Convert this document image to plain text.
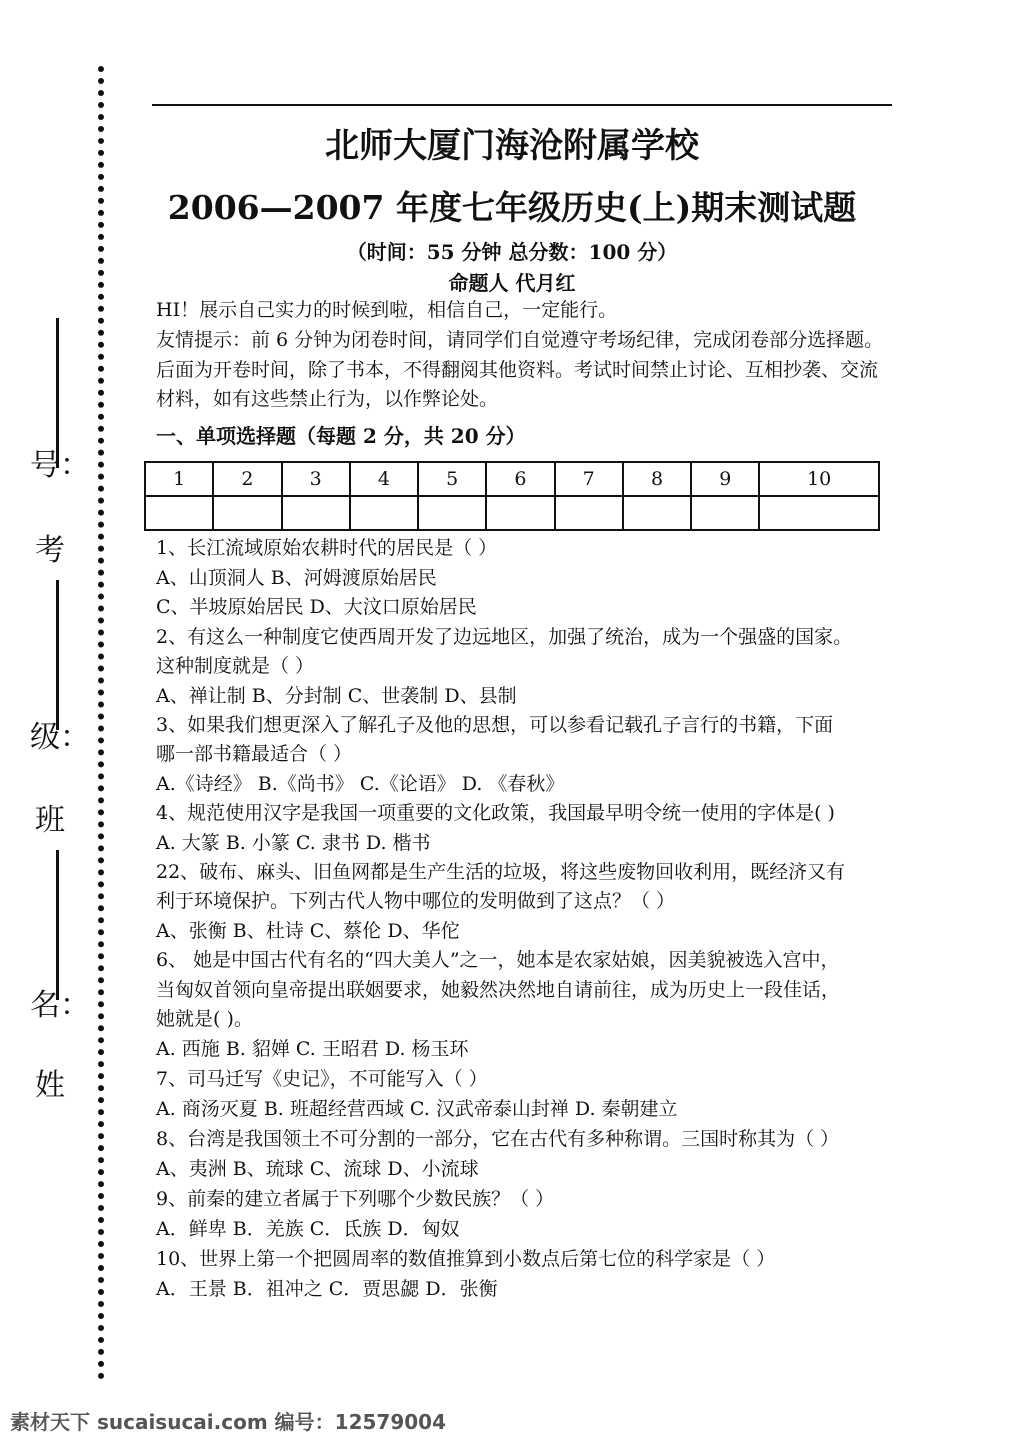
号：
考
级：
班
名：
姓
北师大厦门海沧附属学校
2006—2007 年度七年级历史(上)期末测试题
（时间：55 分钟 总分数：100 分）
命题人 代月红
HI！展示自己实力的时候到啦，相信自己，一定能行。
友情提示：前 6 分钟为闭卷时间，请同学们自觉遵守考场纪律，完成闭卷部分选择题。后面为开卷时间，除了书本，不得翻阅其他资料。考试时间禁止讨论、互相抄袭、交流材料，如有这些禁止行为，以作弊论处。
一、单项选择题（每题 2 分，共 20 分）
1	2	3	4	5	6	7	8	9	10

1、长江流域原始农耕时代的居民是（ ）
A、山顶洞人 B、河姆渡原始居民
C、半坡原始居民 D、大汶口原始居民
2、有这么一种制度它使西周开发了边远地区，加强了统治，成为一个强盛的国家。
这种制度就是（ ）
A、禅让制 B、分封制 C、世袭制 D、县制
3、如果我们想更深入了解孔子及他的思想，可以参看记载孔子言行的书籍，下面
哪一部书籍最适合（ ）
A.《诗经》 B.《尚书》 C.《论语》 D. 《春秋》
4、规范使用汉字是我国一项重要的文化政策，我国最早明令统一使用的字体是( )
A. 大篆 B. 小篆 C. 隶书 D. 楷书
22、破布、麻头、旧鱼网都是生产生活的垃圾，将这些废物回收利用，既经济又有
利于环境保护。下列古代人物中哪位的发明做到了这点？（ ）
A、张衡 B、杜诗 C、蔡伦 D、华佗
6、 她是中国古代有名的“四大美人”之一，她本是农家姑娘，因美貌被选入宫中，
当匈奴首领向皇帝提出联姻要求，她毅然决然地自请前往，成为历史上一段佳话，
她就是( )。
A. 西施 B. 貂婵 C. 王昭君 D. 杨玉环
7、司马迁写《史记》，不可能写入（ ）
A. 商汤灭夏 B. 班超经营西域 C. 汉武帝泰山封禅 D. 秦朝建立
8、台湾是我国领土不可分割的一部分，它在古代有多种称谓。三国时称其为（ ）
A、夷洲 B、琉球 C、流球 D、小流球
9、前秦的建立者属于下列哪个少数民族？（ ）
A．鲜卑 B．羌族 C．氐族 D．匈奴
10、世界上第一个把圆周率的数值推算到小数点后第七位的科学家是（ ）
A．王景 B．祖冲之 C．贾思勰 D．张衡
素材天下 sucaisucai.com 编号：12579004
